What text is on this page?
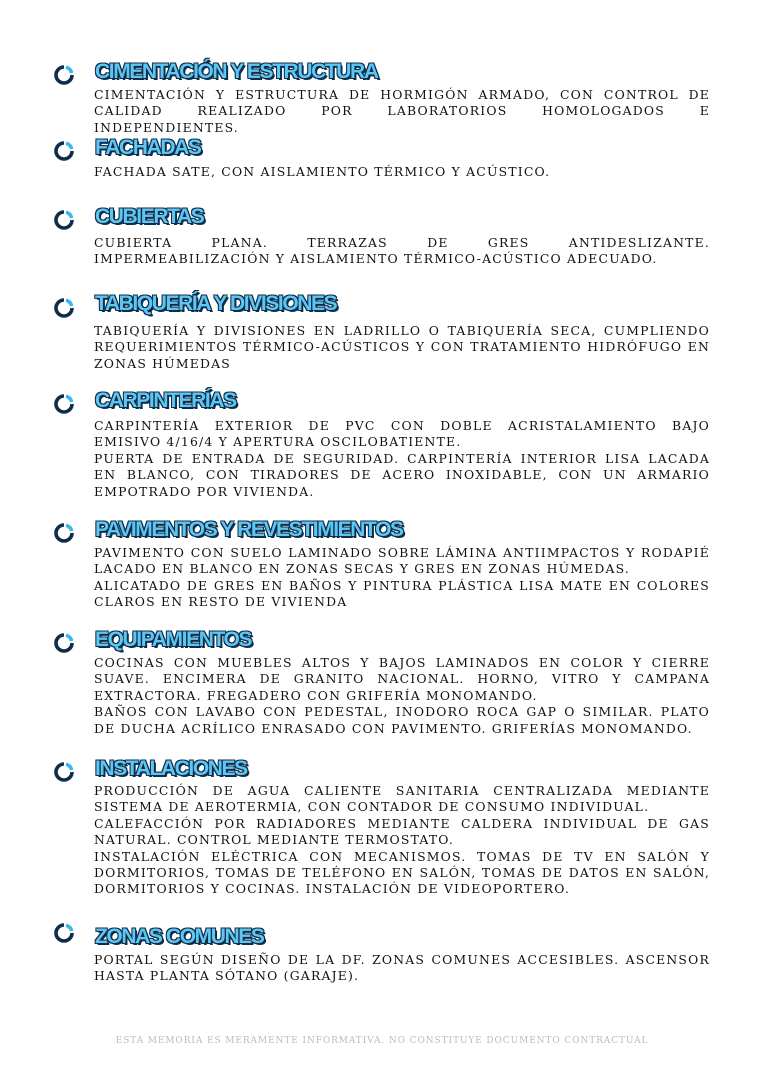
CIMENTACIÓN Y ESTRUCTURA

CIMENTACIÓN Y ESTRUCTURA DE HORMIGÓN ARMADO, CON CONTROL DE CALIDAD REALIZADO POR LABORATORIOS HOMOLOGADOS E INDEPENDIENTES.

FACHADAS

FACHADA SATE, CON AISLAMIENTO TÉRMICO Y ACÚSTICO.

CUBIERTAS

CUBIERTA PLANA. TERRAZAS DE GRES ANTIDESLIZANTE. IMPERMEABILIZACIÓN Y AISLAMIENTO TÉRMICO-ACÚSTICO ADECUADO.

TABIQUERÍA Y DIVISIONES

TABIQUERÍA Y DIVISIONES EN LADRILLO O TABIQUERÍA SECA, CUMPLIENDO REQUERIMIENTOS TÉRMICO-ACÚSTICOS Y CON TRATAMIENTO HIDRÓFUGO EN ZONAS HÚMEDAS

CARPINTERÍAS

CARPINTERÍA EXTERIOR DE PVC CON DOBLE ACRISTALAMIENTO BAJO EMISIVO 4/16/4 Y APERTURA OSCILOBATIENTE.

PUERTA DE ENTRADA DE SEGURIDAD. CARPINTERÍA INTERIOR LISA LACADA EN BLANCO, CON TIRADORES DE ACERO INOXIDABLE, CON UN ARMARIO EMPOTRADO POR VIVIENDA.

PAVIMENTOS Y REVESTIMIENTOS

PAVIMENTO CON SUELO LAMINADO SOBRE LÁMINA ANTIIMPACTOS Y RODAPIÉ LACADO EN BLANCO EN ZONAS SECAS Y GRES EN ZONAS HÚMEDAS.

ALICATADO DE GRES EN BAÑOS Y PINTURA PLÁSTICA LISA MATE EN COLORES CLAROS EN RESTO DE VIVIENDA

EQUIPAMIENTOS

COCINAS CON MUEBLES ALTOS Y BAJOS LAMINADOS EN COLOR Y CIERRE SUAVE. ENCIMERA DE GRANITO NACIONAL. HORNO, VITRO Y CAMPANA EXTRACTORA. FREGADERO CON GRIFERÍA MONOMANDO.

BAÑOS CON LAVABO CON PEDESTAL, INODORO ROCA GAP O SIMILAR. PLATO DE DUCHA ACRÍLICO ENRASADO CON PAVIMENTO. GRIFERÍAS MONOMANDO.

INSTALACIONES

PRODUCCIÓN DE AGUA CALIENTE SANITARIA CENTRALIZADA MEDIANTE SISTEMA DE AEROTERMIA, CON CONTADOR DE CONSUMO INDIVIDUAL.

CALEFACCIÓN POR RADIADORES MEDIANTE CALDERA INDIVIDUAL DE GAS NATURAL. CONTROL MEDIANTE TERMOSTATO.

INSTALACIÓN ELÉCTRICA CON MECANISMOS. TOMAS DE TV EN SALÓN Y DORMITORIOS, TOMAS DE TELÉFONO EN SALÓN, TOMAS DE DATOS EN SALÓN, DORMITORIOS Y COCINAS. INSTALACIÓN DE VIDEOPORTERO.

ZONAS COMUNES

PORTAL SEGÚN DISEÑO DE LA DF. ZONAS COMUNES ACCESIBLES. ASCENSOR HASTA PLANTA SÓTANO (GARAJE).

ESTA MEMORIA ES MERAMENTE INFORMATIVA. NO CONSTITUYE DOCUMENTO CONTRACTUAL
